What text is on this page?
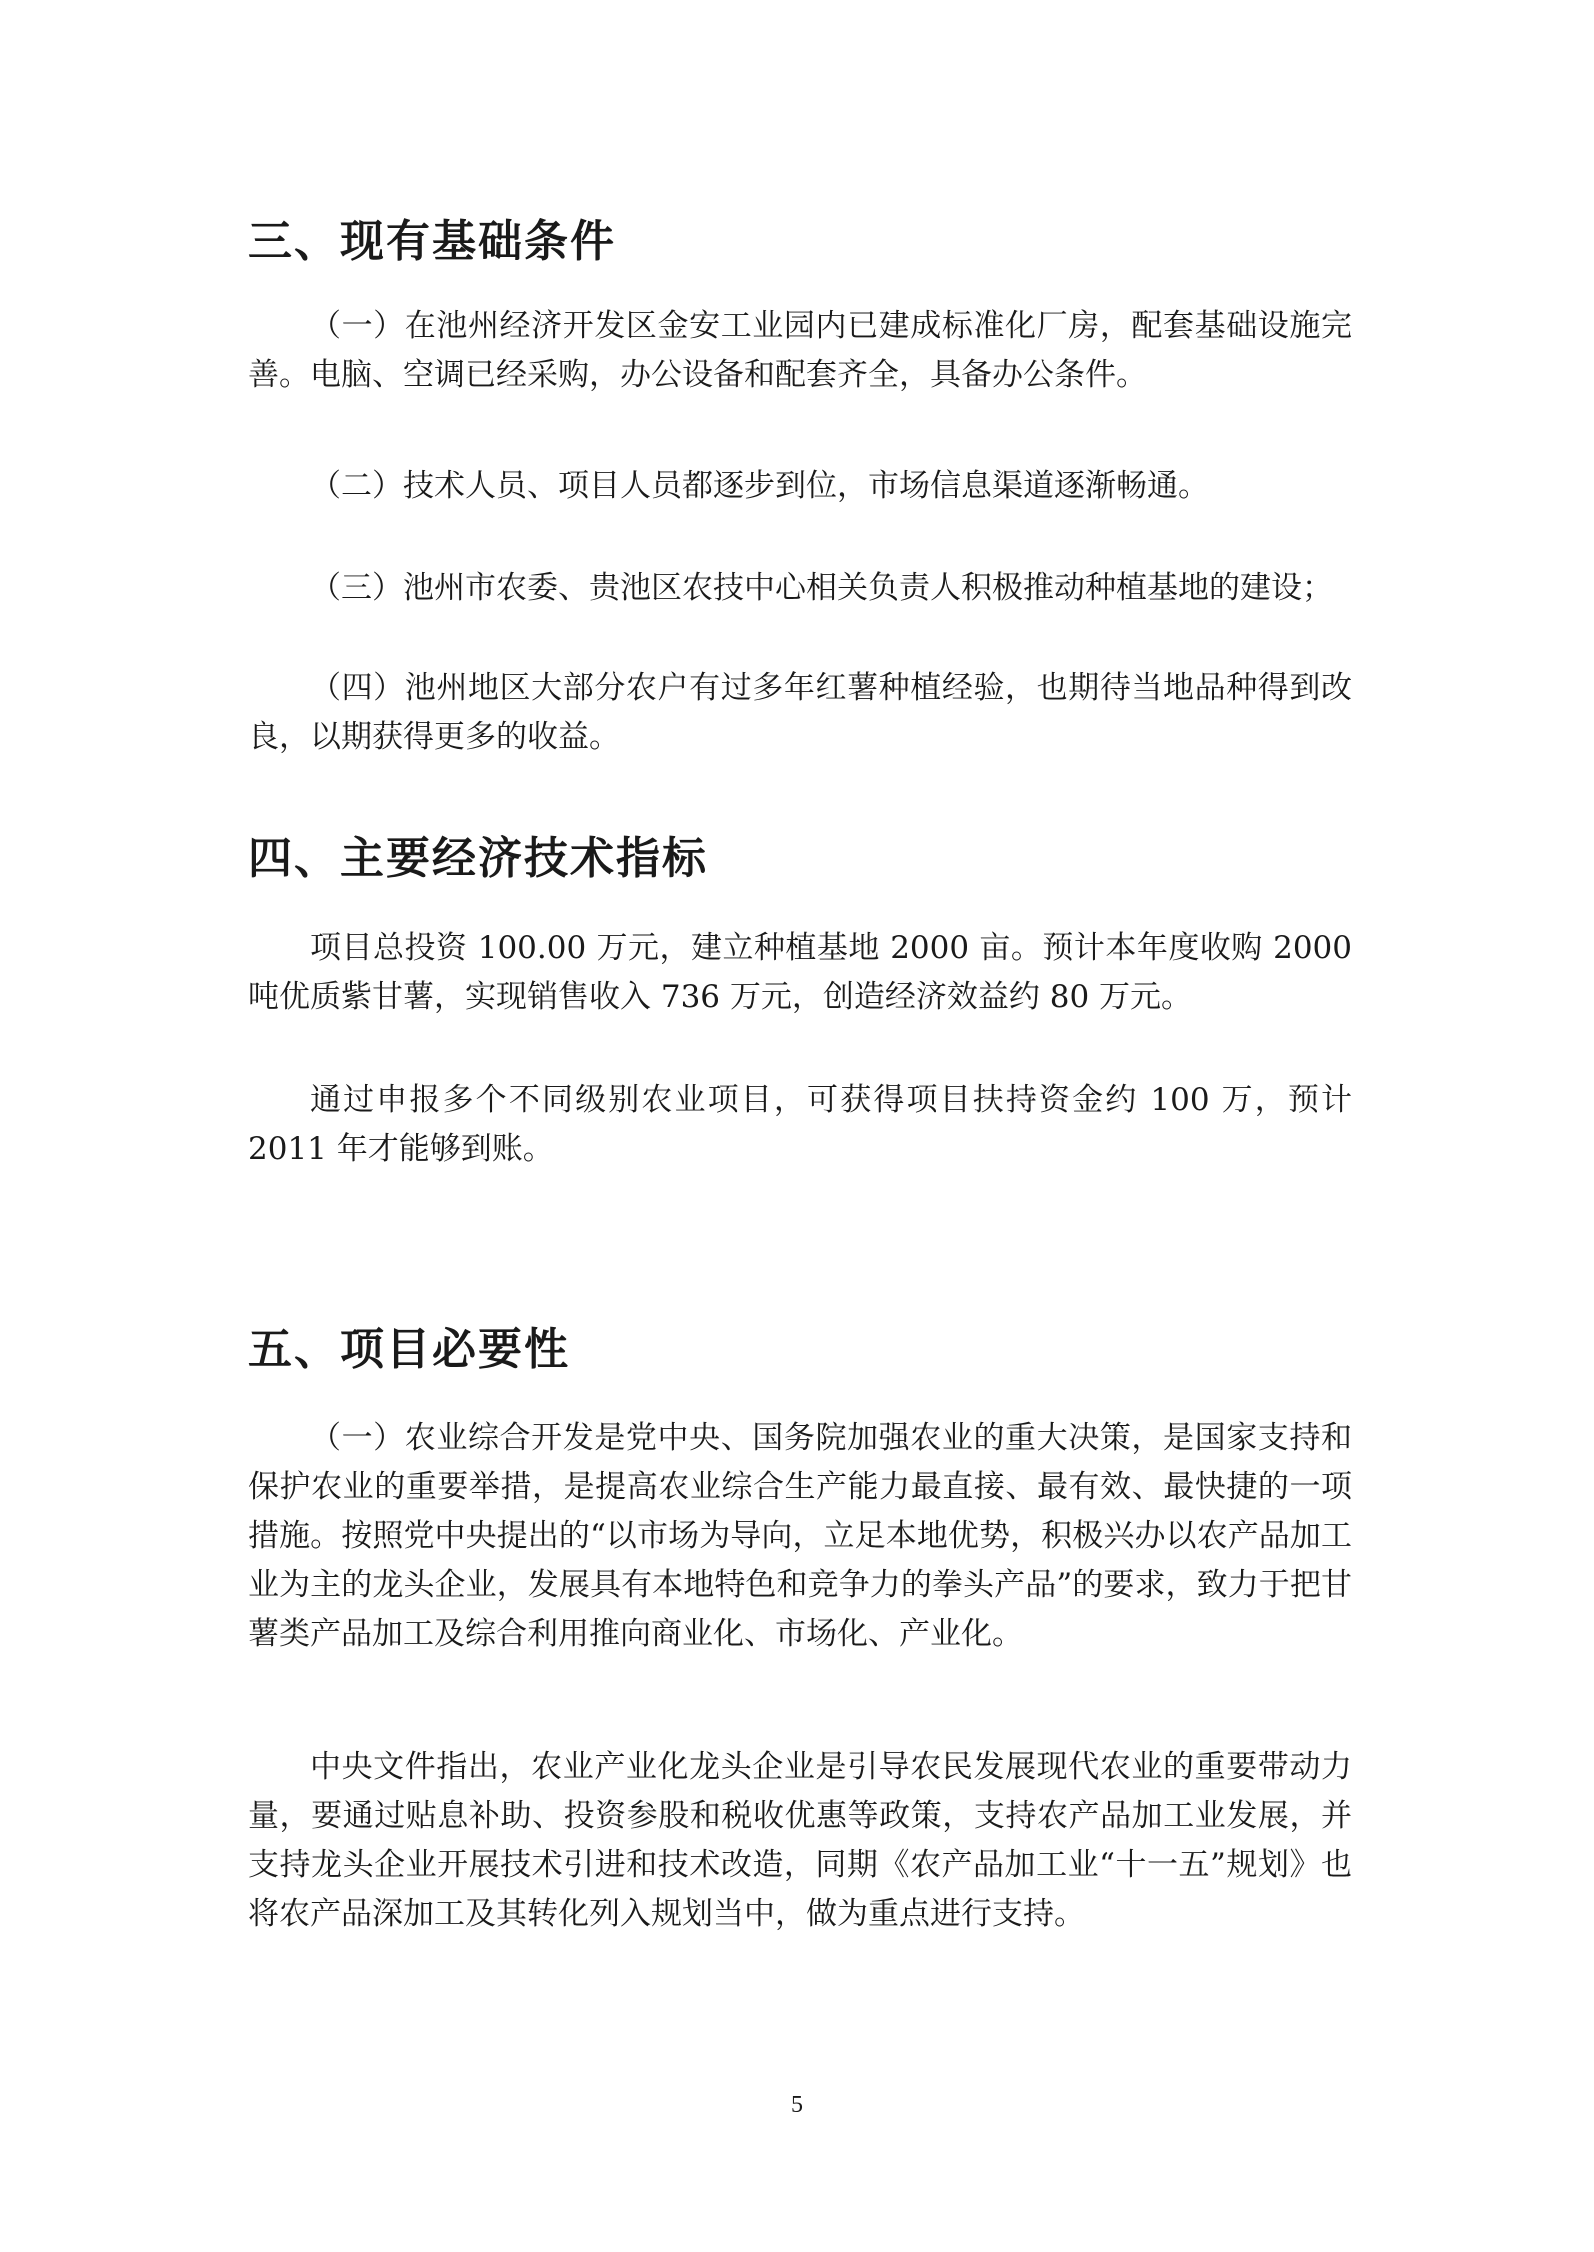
三、现有基础条件

（一）在池州经济开发区金安工业园内已建成标准化厂房，配套基础设施完善。电脑、空调已经采购，办公设备和配套齐全，具备办公条件。

（二）技术人员、项目人员都逐步到位，市场信息渠道逐渐畅通。

（三）池州市农委、贵池区农技中心相关负责人积极推动种植基地的建设；

（四）池州地区大部分农户有过多年红薯种植经验，也期待当地品种得到改良，以期获得更多的收益。

四、主要经济技术指标

项目总投资 100.00 万元，建立种植基地 2000 亩。预计本年度收购 2000 吨优质紫甘薯，实现销售收入 736 万元，创造经济效益约 80 万元。

通过申报多个不同级别农业项目，可获得项目扶持资金约 100 万，预计 2011 年才能够到账。

五、项目必要性

（一）农业综合开发是党中央、国务院加强农业的重大决策，是国家支持和保护农业的重要举措，是提高农业综合生产能力最直接、最有效、最快捷的一项措施。按照党中央提出的“以市场为导向，立足本地优势，积极兴办以农产品加工业为主的龙头企业，发展具有本地特色和竞争力的拳头产品”的要求，致力于把甘薯类产品加工及综合利用推向商业化、市场化、产业化。

中央文件指出，农业产业化龙头企业是引导农民发展现代农业的重要带动力量，要通过贴息补助、投资参股和税收优惠等政策，支持农产品加工业发展，并支持龙头企业开展技术引进和技术改造，同期《农产品加工业“十一五”规划》也将农产品深加工及其转化列入规划当中，做为重点进行支持。

5
